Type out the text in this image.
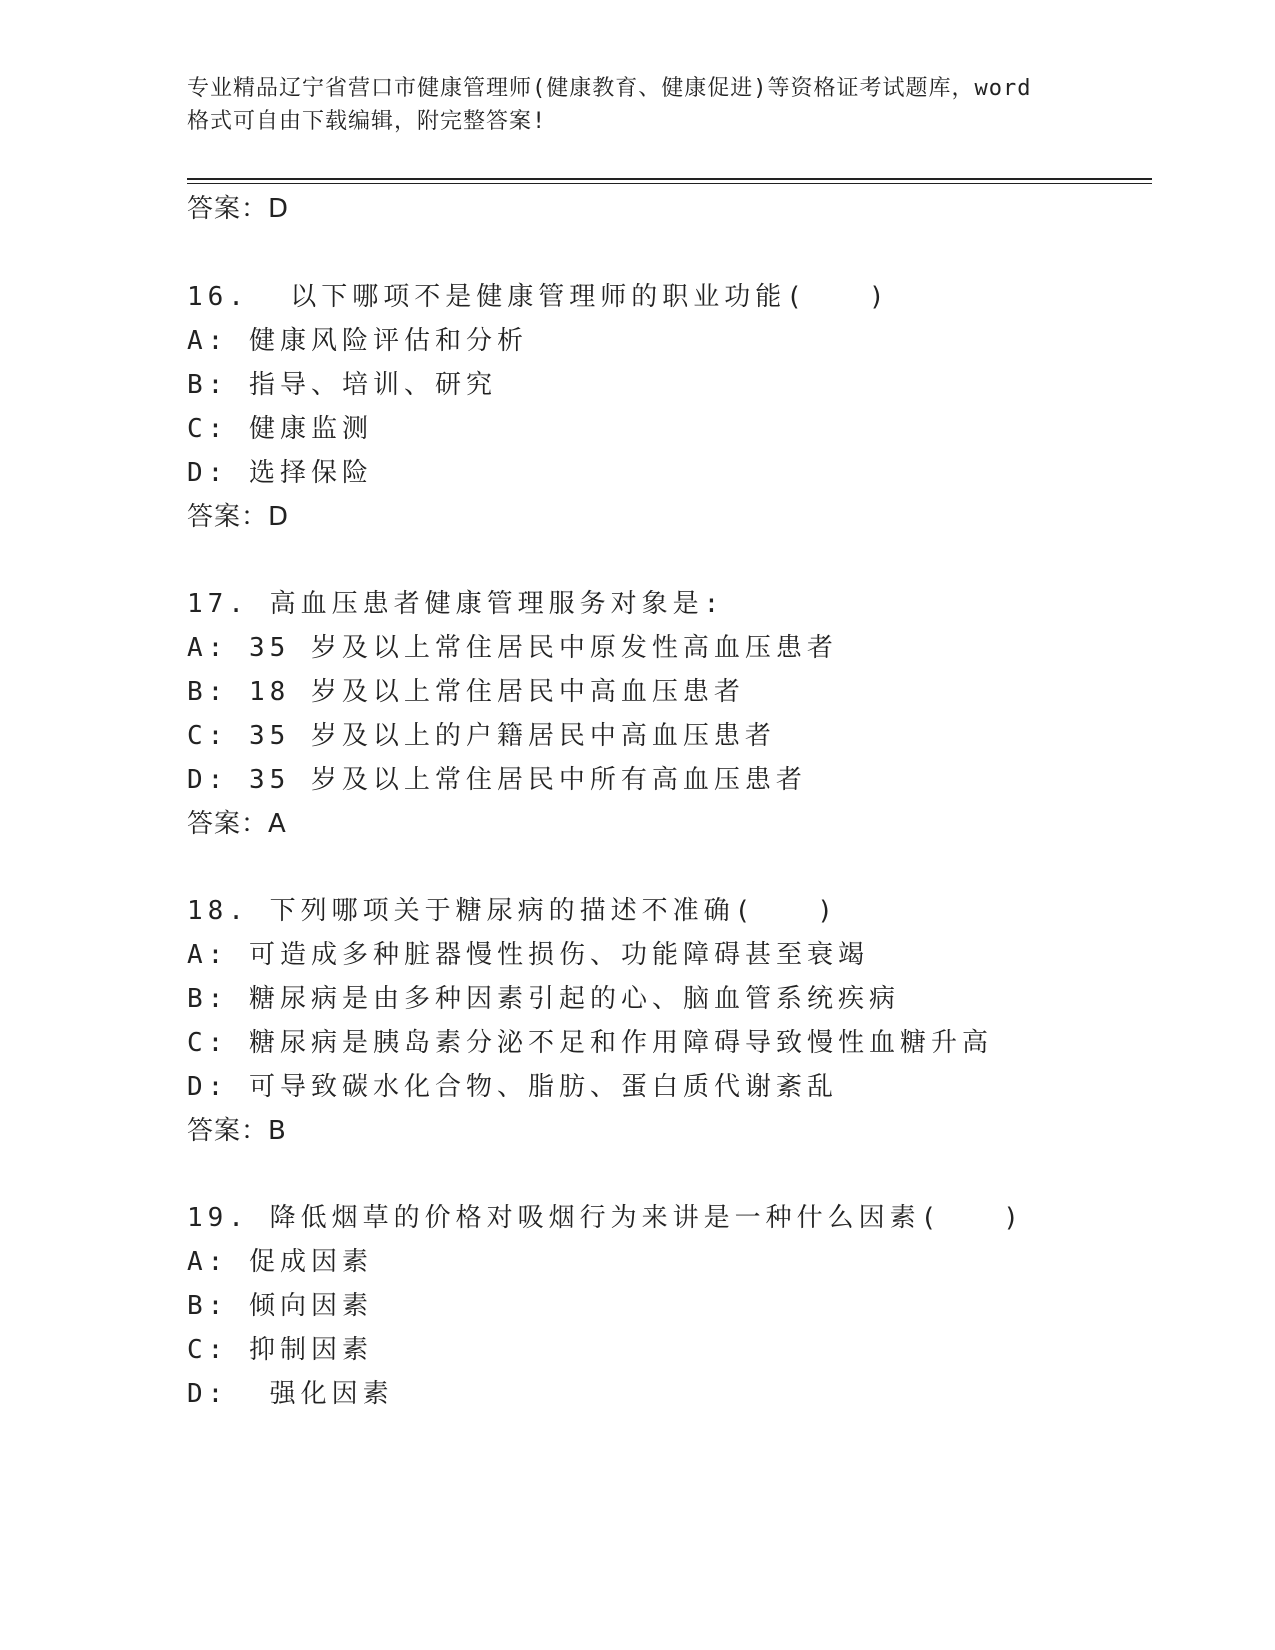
专业精品辽宁省营口市健康管理师(健康教育、健康促进)等资格证考试题库，word
格式可自由下载编辑，附完整答案!
答案：D
16.  以下哪项不是健康管理师的职业功能(   )
A: 健康风险评估和分析
B: 指导、培训、研究
C: 健康监测
D: 选择保险
答案：D
17. 高血压患者健康管理服务对象是:
A: 35 岁及以上常住居民中原发性高血压患者
B: 18 岁及以上常住居民中高血压患者
C: 35 岁及以上的户籍居民中高血压患者
D: 35 岁及以上常住居民中所有高血压患者
答案：A
18. 下列哪项关于糖尿病的描述不准确(   )
A: 可造成多种脏器慢性损伤、功能障碍甚至衰竭
B: 糖尿病是由多种因素引起的心、脑血管系统疾病
C: 糖尿病是胰岛素分泌不足和作用障碍导致慢性血糖升高
D: 可导致碳水化合物、脂肪、蛋白质代谢紊乱
答案：B
19. 降低烟草的价格对吸烟行为来讲是一种什么因素(   )
A: 促成因素
B: 倾向因素
C: 抑制因素
D:  强化因素
